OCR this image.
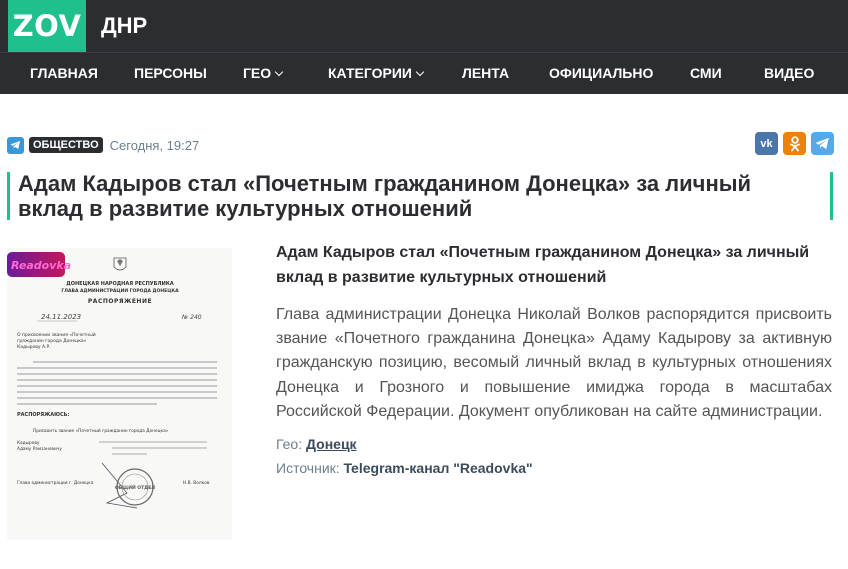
ZOV ДНР
ГЛАВНАЯ	ПЕРСОНЫ	ГЕО	КАТЕГОРИИ	ЛЕНТА	ОФИЦИАЛЬНО	СМИ	ВИДЕО
ОБЩЕСТВО Сегодня, 19:27	vk
Адам Кадыров стал «Почетным гражданином Донецка» за личный вклад в развитие культурных отношений
Readovka
ДОНЕЦКАЯ НАРОДНАЯ РЕСПУБЛИКА
ГЛАВА АДМИНИСТРАЦИИ ГОРОДА ДОНЕЦКА
РАСПОРЯЖЕНИЕ
24.11.2023	№ 240
О присвоении звания «Почетный
гражданин города Донецка»
Кадырову А.Р.
РАСПОРЯЖАЮСЬ:
Присвоить звание «Почетный гражданин города Донецка»
Кадырову
Адаму Рамзановичу
Глава администрации г. Донецка	Н.В. Волков
ОБЩИЙ ОТДЕЛ

Адам Кадыров стал «Почетным гражданином Донецка» за личный вклад в развитие культурных отношений

Глава администрации Донецка Николай Волков распорядится присвоить звание «Почетного гражданина Донецка» Адаму Кадырову за активную гражданскую позицию, весомый личный вклад в культурных отношениях Донецка и Грозного и повышение имиджа города в масштабах Российской Федерации. Документ опубликован на сайте администрации.

Гео: Донецк
Источник: Telegram-канал "Readovka"
